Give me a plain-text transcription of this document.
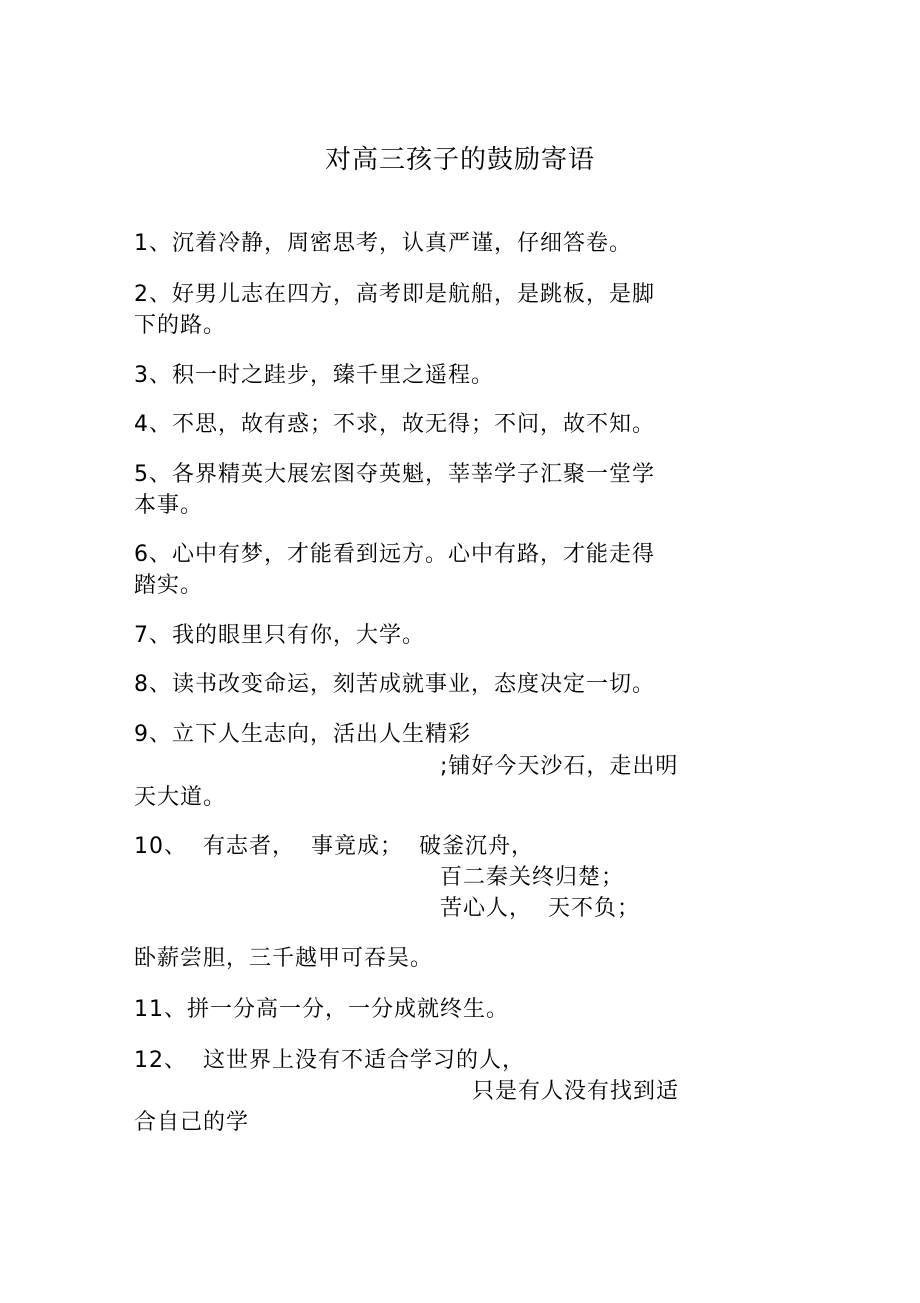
对高三孩子的鼓励寄语
1、沉着冷静，周密思考，认真严谨，仔细答卷。
2、好男儿志在四方，高考即是航船，是跳板，是脚
下的路。
3、积一时之跬步，臻千里之遥程。
4、不思，故有惑；不求，故无得；不问，故不知。
5、各界精英大展宏图夺英魁，莘莘学子汇聚一堂学
本事。
6、心中有梦，才能看到远方。心中有路，才能走得
踏实。
7、我的眼里只有你，大学。
8、读书改变命运，刻苦成就事业，态度决定一切。
9、立下人生志向，活出人生精彩
;铺好今天沙石，走出明
天大道。
10、  有志者，  事竟成；  破釜沉舟，
百二秦关终归楚；
苦心人，  天不负；
卧薪尝胆，三千越甲可吞吴。
11、拼一分高一分，一分成就终生。
12、  这世界上没有不适合学习的人，
只是有人没有找到适
合自己的学
